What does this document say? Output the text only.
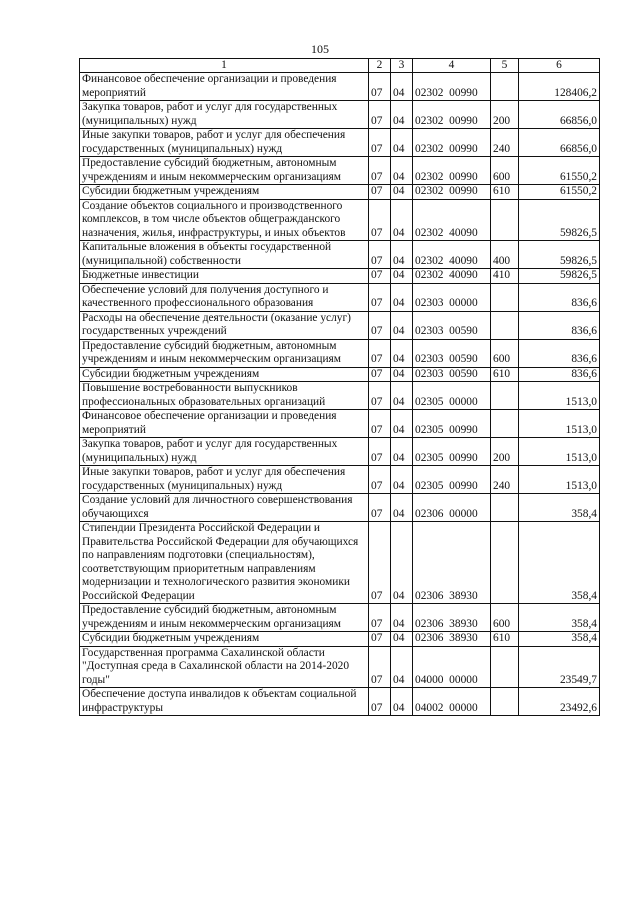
105
1	2	3	4	5	6
Финансовое обеспечение организации и проведения мероприятий	07	04	02302  00990		128406,2
Закупка товаров, работ и услуг для государственных (муниципальных) нужд	07	04	02302  00990	200	66856,0
Иные закупки товаров, работ и услуг для обеспечения государственных (муниципальных) нужд	07	04	02302  00990	240	66856,0
Предоставление субсидий бюджетным, автономным учреждениям и иным некоммерческим организациям	07	04	02302  00990	600	61550,2
Субсидии бюджетным учреждениям	07	04	02302  00990	610	61550,2
Создание объектов социального и производственного комплексов, в том числе объектов общегражданского назначения, жилья, инфраструктуры, и иных объектов	07	04	02302  40090		59826,5
Капитальные вложения в объекты государственной (муниципальной) собственности	07	04	02302  40090	400	59826,5
Бюджетные инвестиции	07	04	02302  40090	410	59826,5
Обеспечение условий для получения доступного и качественного профессионального образования	07	04	02303  00000		836,6
Расходы на обеспечение деятельности (оказание услуг) государственных учреждений	07	04	02303  00590		836,6
Предоставление субсидий бюджетным, автономным учреждениям и иным некоммерческим организациям	07	04	02303  00590	600	836,6
Субсидии бюджетным учреждениям	07	04	02303  00590	610	836,6
Повышение востребованности выпускников профессиональных образовательных организаций	07	04	02305  00000		1513,0
Финансовое обеспечение организации и проведения мероприятий	07	04	02305  00990		1513,0
Закупка товаров, работ и услуг для государственных (муниципальных) нужд	07	04	02305  00990	200	1513,0
Иные закупки товаров, работ и услуг для обеспечения государственных (муниципальных) нужд	07	04	02305  00990	240	1513,0
Создание условий для личностного совершенствования обучающихся	07	04	02306  00000		358,4
Стипендии Президента Российской Федерации и Правительства Российской Федерации для обучающихся по направлениям подготовки (специальностям), соответствующим приоритетным направлениям модернизации и технологического развития экономики Российской Федерации	07	04	02306  38930		358,4
Предоставление субсидий бюджетным, автономным учреждениям и иным некоммерческим организациям	07	04	02306  38930	600	358,4
Субсидии бюджетным учреждениям	07	04	02306  38930	610	358,4
Государственная программа Сахалинской области "Доступная среда в Сахалинской области на 2014-2020 годы"	07	04	04000  00000		23549,7
Обеспечение доступа инвалидов к объектам социальной инфраструктуры	07	04	04002  00000		23492,6
